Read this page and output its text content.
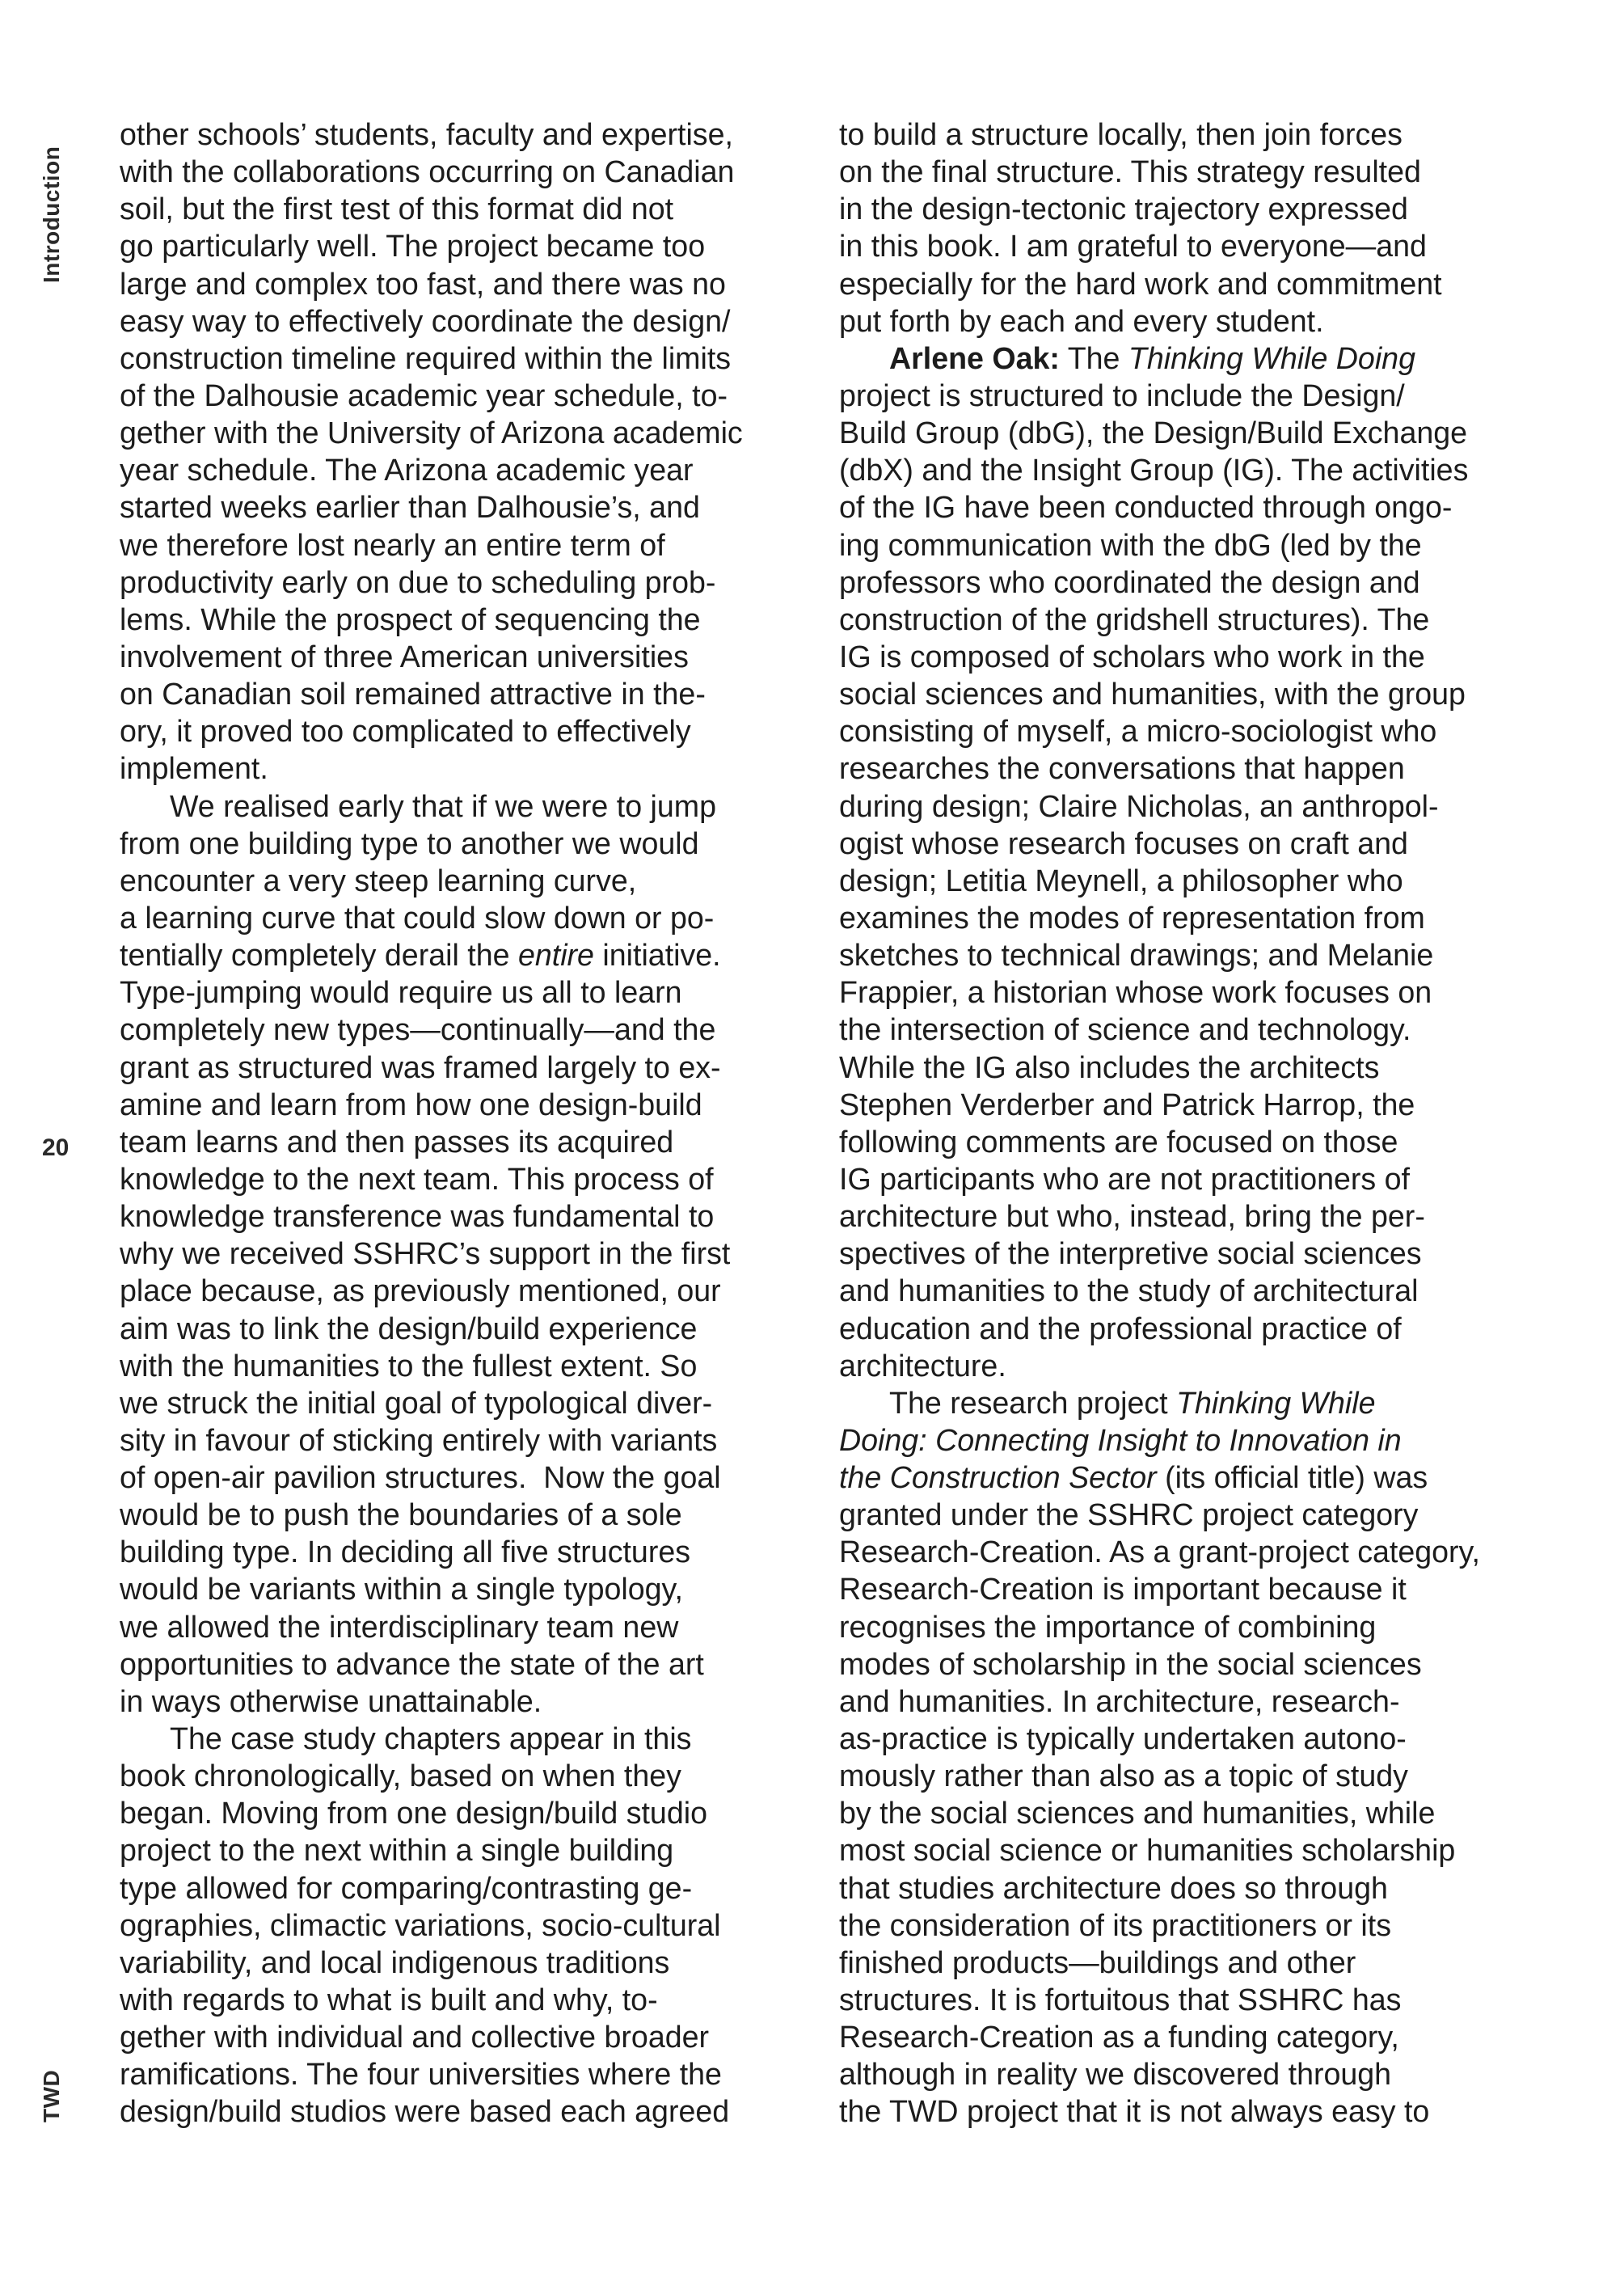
Introduction
TWD
20
other schools’ students, faculty and expertise,
with the collaborations occurring on Canadian
soil, but the first test of this format did not
go particularly well. The project became too
large and complex too fast, and there was no
easy way to effectively coordinate the design/
construction timeline required within the limits
of the Dalhousie academic year schedule, to-
gether with the University of Arizona academic
year schedule. The Arizona academic year
started weeks earlier than Dalhousie’s, and
we therefore lost nearly an entire term of
productivity early on due to scheduling prob-
lems. While the prospect of sequencing the
involvement of three American universities
on Canadian soil remained attractive in the-
ory, it proved too complicated to effectively
implement.
We realised early that if we were to jump
from one building type to another we would
encounter a very steep learning curve,
a learning curve that could slow down or po-
tentially completely derail the entire initiative.
Type-jumping would require us all to learn
completely new types—continually—and the
grant as structured was framed largely to ex-
amine and learn from how one design-build
team learns and then passes its acquired
knowledge to the next team. This process of
knowledge transference was fundamental to
why we received SSHRC’s support in the first
place because, as previously mentioned, our
aim was to link the design/build experience
with the humanities to the fullest extent. So
we struck the initial goal of typological diver-
sity in favour of sticking entirely with variants
of open-air pavilion structures.  Now the goal
would be to push the boundaries of a sole
building type. In deciding all five structures
would be variants within a single typology,
we allowed the interdisciplinary team new
opportunities to advance the state of the art
in ways otherwise unattainable.
The case study chapters appear in this
book chronologically, based on when they
began. Moving from one design/build studio
project to the next within a single building
type allowed for comparing/contrasting ge-
ographies, climactic variations, socio-cultural
variability, and local indigenous traditions
with regards to what is built and why, to-
gether with individual and collective broader
ramifications. The four universities where the
design/build studios were based each agreed
to build a structure locally, then join forces
on the final structure. This strategy resulted
in the design-tectonic trajectory expressed
in this book. I am grateful to everyone—and
especially for the hard work and commitment
put forth by each and every student.
Arlene Oak: The Thinking While Doing
project is structured to include the Design/
Build Group (dbG), the Design/Build Exchange
(dbX) and the Insight Group (IG). The activities
of the IG have been conducted through ongo-
ing communication with the dbG (led by the
professors who coordinated the design and
construction of the gridshell structures). The
IG is composed of scholars who work in the
social sciences and humanities, with the group
consisting of myself, a micro-sociologist who
researches the conversations that happen
during design; Claire Nicholas, an anthropol-
ogist whose research focuses on craft and
design; Letitia Meynell, a philosopher who
examines the modes of representation from
sketches to technical drawings; and Melanie
Frappier, a historian whose work focuses on
the intersection of science and technology.
While the IG also includes the architects
Stephen Verderber and Patrick Harrop, the
following comments are focused on those
IG participants who are not practitioners of
architecture but who, instead, bring the per-
spectives of the interpretive social sciences
and humanities to the study of architectural
education and the professional practice of
architecture.
The research project Thinking While
Doing: Connecting Insight to Innovation in
the Construction Sector (its official title) was
granted under the SSHRC project category
Research-Creation. As a grant-project category,
Research-Creation is important because it
recognises the importance of combining
modes of scholarship in the social sciences
and humanities. In architecture, research-
as-practice is typically undertaken autono-
mously rather than also as a topic of study
by the social sciences and humanities, while
most social science or humanities scholarship
that studies architecture does so through
the consideration of its practitioners or its
finished products—buildings and other
structures. It is fortuitous that SSHRC has
Research-Creation as a funding category,
although in reality we discovered through
the TWD project that it is not always easy to
